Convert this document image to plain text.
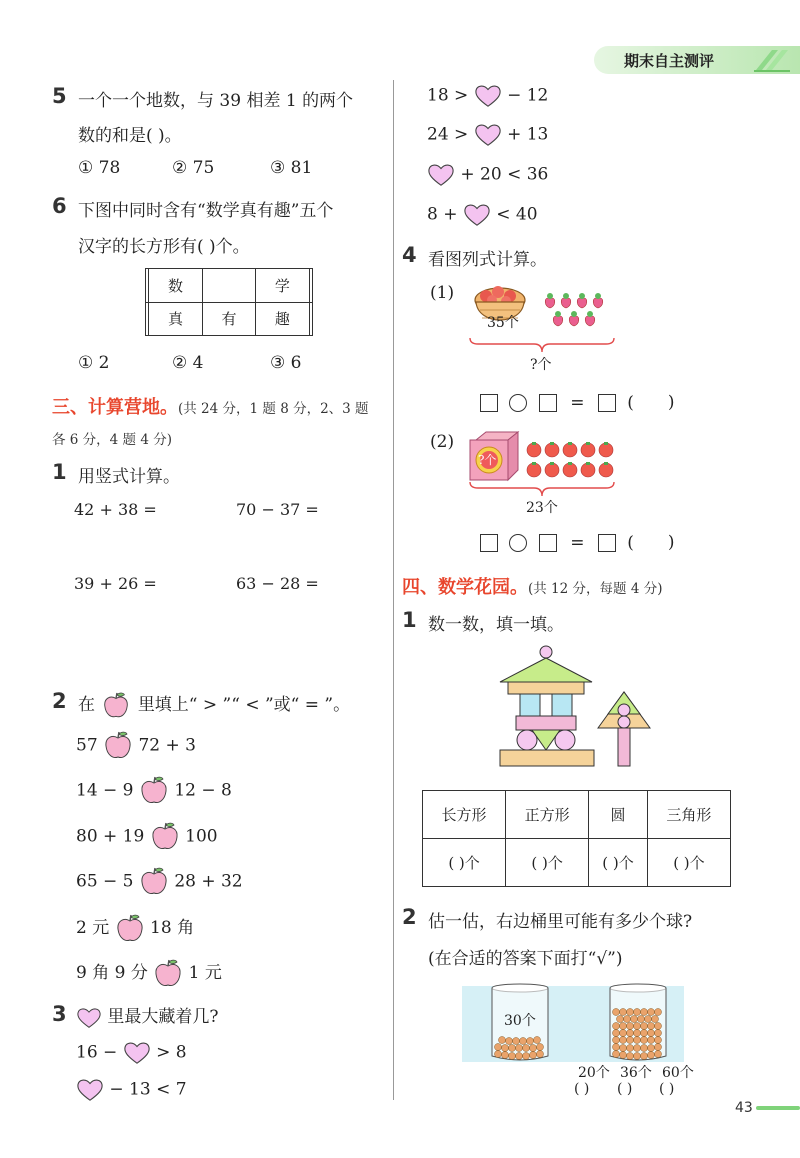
期末自主测评
5 一个一个地数，与 39 相差 1 的两个
数的和是( )。
① 78	② 75	③ 81
6 下图中同时含有“数学真有趣”五个
汉字的长方形有( )个。
	数		学	
	真	有	趣	
① 2	② 4	③ 6
三、计算营地。(共 24 分，1 题 8 分，2、3 题
各 6 分，4 题 4 分)
1 用竖式计算。
42 + 38 =	70 − 37 =
39 + 26 =	63 − 28 =
2 在	里填上“ > ”“ < ”或“ = ”。
57 72 + 3
14 − 9 12 − 8
80 + 19 100
65 − 5 28 + 32
2 元 18 角
9 角 9 分 1 元
3	里最大藏着几?
16 − > 8
− 13 < 7
18 > − 12
24 > + 13
+ 20 < 36
8 + < 40
4 看图列式计算。
(1)
35个
?个
=	( )
(2)
?个
23个
=	( )
四、数学花园。(共 12 分，每题 4 分)
1 数一数，填一填。
长方形	正方形	圆	三角形
( )个	( )个	( )个	( )个
2 估一估，右边桶里可能有多少个球?
(在合适的答案下面打“√”)
30个
20个 36个 60个
( ) ( ) ( )
43
